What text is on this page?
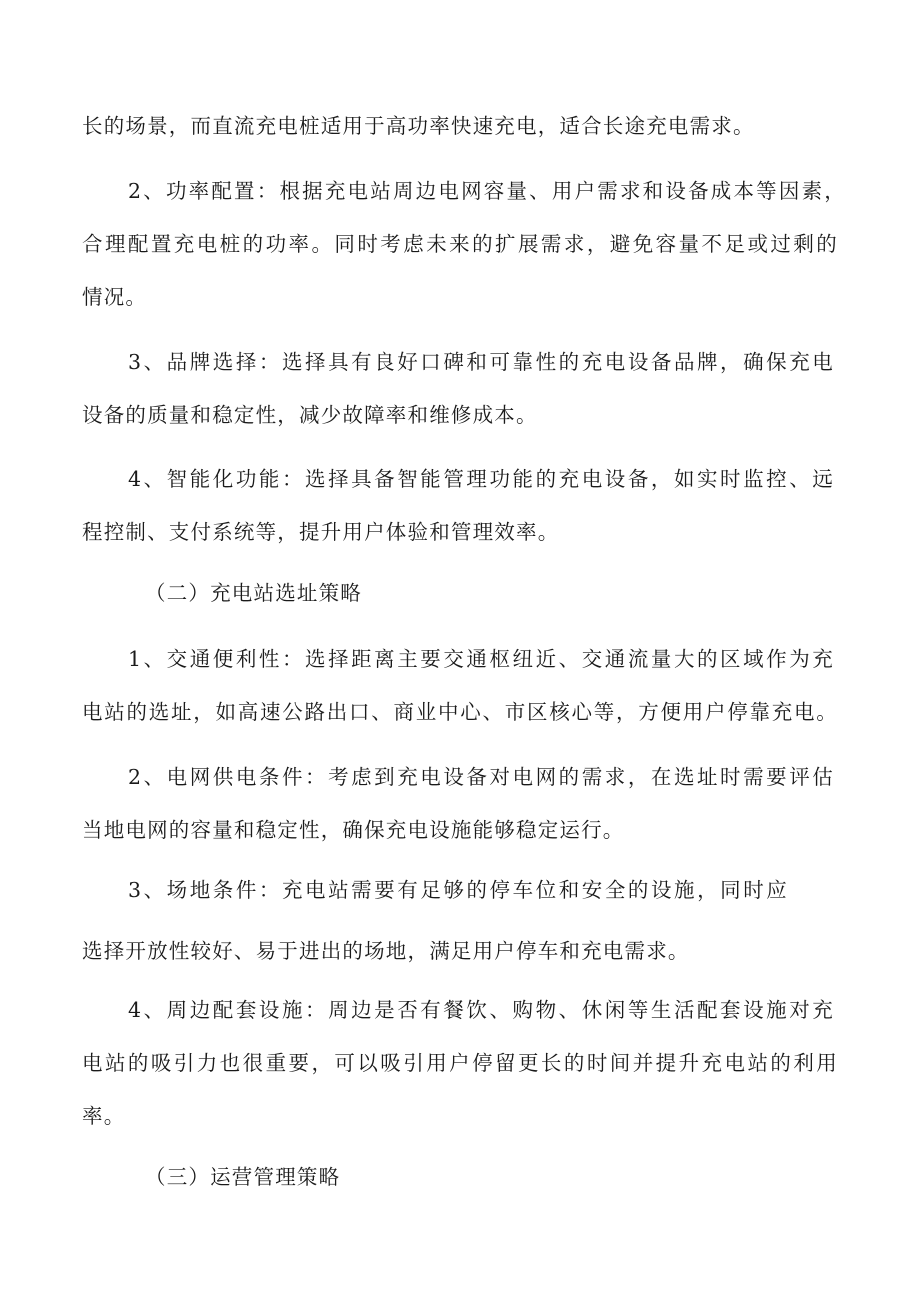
长的场景，而直流充电桩适用于高功率快速充电，适合长途充电需求。
2、功率配置：根据充电站周边电网容量、用户需求和设备成本等因素，
合理配置充电桩的功率。同时考虑未来的扩展需求，避免容量不足或过剩的
情况。
3、品牌选择：选择具有良好口碑和可靠性的充电设备品牌，确保充电
设备的质量和稳定性，减少故障率和维修成本。
4、智能化功能：选择具备智能管理功能的充电设备，如实时监控、远
程控制、支付系统等，提升用户体验和管理效率。
（二）充电站选址策略
1、交通便利性：选择距离主要交通枢纽近、交通流量大的区域作为充
电站的选址，如高速公路出口、商业中心、市区核心等，方便用户停靠充电。
2、电网供电条件：考虑到充电设备对电网的需求，在选址时需要评估
当地电网的容量和稳定性，确保充电设施能够稳定运行。
3、场地条件：充电站需要有足够的停车位和安全的设施，同时应
选择开放性较好、易于进出的场地，满足用户停车和充电需求。
4、周边配套设施：周边是否有餐饮、购物、休闲等生活配套设施对充
电站的吸引力也很重要，可以吸引用户停留更长的时间并提升充电站的利用
率。
（三）运营管理策略
